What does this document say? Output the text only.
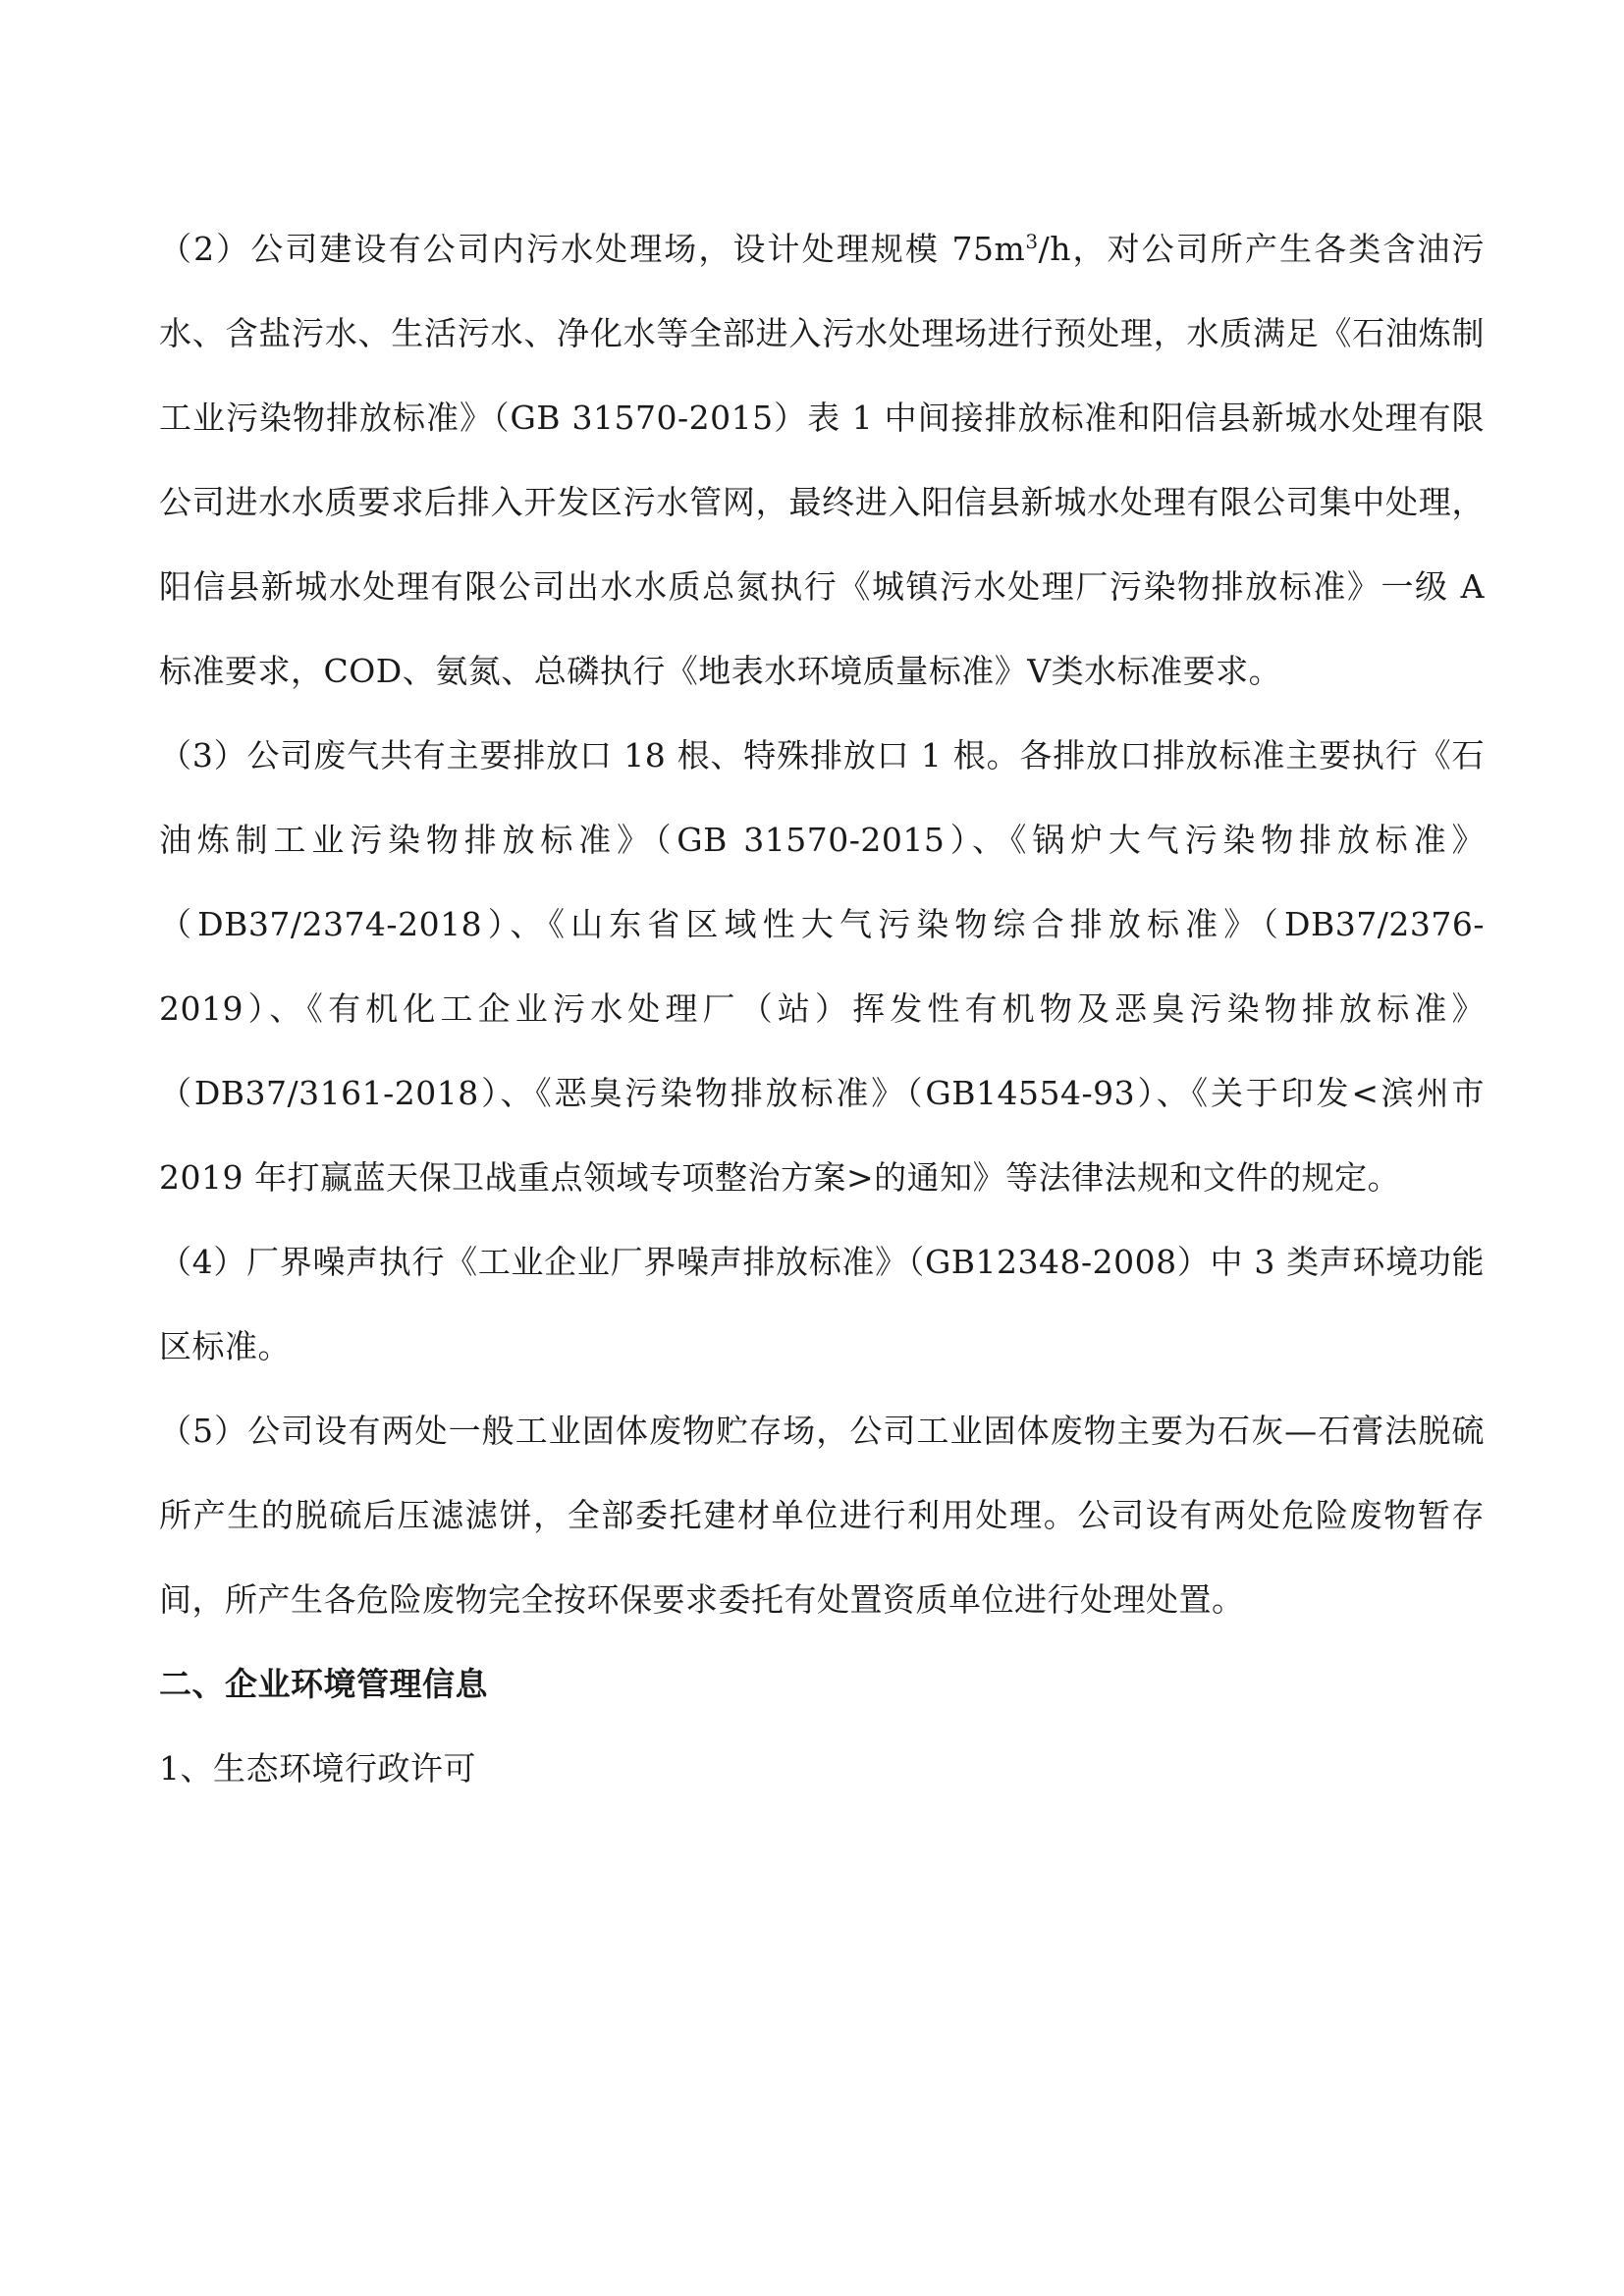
（2）公司建设有公司内污水处理场，设计处理规模 $75m^3/h$，对公司所产生各类含油污水、含盐污水、生活污水、净化水等全部进入污水处理场进行预处理，水质满足《石油炼制工业污染物排放标准》（GB 31570-2015）表 1 中间接排放标准和阳信县新城水处理有限公司进水水质要求后排入开发区污水管网，最终进入阳信县新城水处理有限公司集中处理，阳信县新城水处理有限公司出水水质总氮执行《城镇污水处理厂污染物排放标准》一级 A 标准要求，COD、氨氮、总磷执行《地表水环境质量标准》Ⅴ类水标准要求。

（3）公司废气共有主要排放口 18 根、特殊排放口 1 根。各排放口排放标准主要执行《石油炼制工业污染物排放标准》（GB 31570-2015）、《锅炉大气污染物排放标准》（DB37/2374-2018）、《山东省区域性大气污染物综合排放标准》（DB37/2376-2019）、《有机化工企业污水处理厂（站）挥发性有机物及恶臭污染物排放标准》（DB37/3161-2018）、《恶臭污染物排放标准》（GB14554-93）、《关于印发<滨州市 2019 年打赢蓝天保卫战重点领域专项整治方案>的通知》等法律法规和文件的规定。

（4）厂界噪声执行《工业企业厂界噪声排放标准》（GB12348-2008）中 3 类声环境功能区标准。

（5）公司设有两处一般工业固体废物贮存场，公司工业固体废物主要为石灰—石膏法脱硫所产生的脱硫后压滤滤饼，全部委托建材单位进行利用处理。公司设有两处危险废物暂存间，所产生各危险废物完全按环保要求委托有处置资质单位进行处理处置。

二、企业环境管理信息

1、生态环境行政许可
